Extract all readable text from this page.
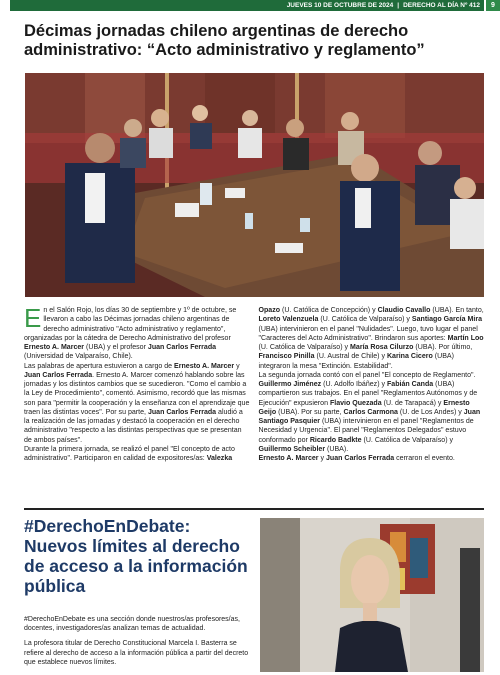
JUEVES 10 DE OCTUBRE DE 2024 | DERECHO AL DÍA Nº 412	9
Décimas jornadas chileno argentinas de derecho administrativo: “Acto administrativo y reglamento”

En el Salón Rojo, los días 30 de septiembre y 1º de octubre, se llevaron a cabo las Décimas jornadas chileno argentinas de derecho administrativo "Acto administrativo y reglamento", organizadas por la cátedra de Derecho Administrativo del profesor Ernesto A. Marcer (UBA) y el profesor Juan Carlos Ferrada (Universidad de Valparaíso, Chile).

Las palabras de apertura estuvieron a cargo de Ernesto A. Marcer y Juan Carlos Ferrada. Ernesto A. Marcer comenzó hablando sobre las jornadas y los distintos cambios que se sucedieron. "Como el cambio a la Ley de Procedimiento", comentó. Asimismo, recordó que las mismas son para "permitir la cooperación y la enseñanza con el aprendizaje que traen las distintas voces". Por su parte, Juan Carlos Ferrada aludió a la realización de las jornadas y destacó la cooperación en el derecho administrativo "respecto a las distintas perspectivas que se presentan de ambos países".

Durante la primera jornada, se realizó el panel "El concepto de acto administrativo". Participaron en calidad de expositores/as: Valezka Opazo (U. Católica de Concepción) y Claudio Cavallo (UBA). En tanto, Loreto Valenzuela (U. Católica de Valparaíso) y Santiago García Mira (UBA) intervinieron en el panel "Nulidades". Luego, tuvo lugar el panel "Caracteres del Acto Administrativo". Brindaron sus aportes: Martín Loo (U. Católica de Valparaíso) y María Rosa Cilurzo (UBA). Por último, Francisco Pinilla (U. Austral de Chile) y Karina Cicero (UBA) integraron la mesa "Extinción. Estabilidad".

La segunda jornada contó con el panel "El concepto de Reglamento". Guillermo Jiménez (U. Adolfo Ibáñez) y Fabián Canda (UBA) compartieron sus trabajos. En el panel "Reglamentos Autónomos y de Ejecución" expusieron Flavio Quezada (U. de Tarapacá) y Ernesto Geijo (UBA). Por su parte, Carlos Carmona (U. de Los Andes) y Juan Santiago Pasquier (UBA) intervinieron en el panel "Reglamentos de Necesidad y Urgencia". El panel "Reglamentos Delegados" estuvo conformado por Ricardo Badkte (U. Católica de Valparaíso) y Guillermo Scheibler (UBA).

Ernesto A. Marcer y Juan Carlos Ferrada cerraron el evento.

#DerechoEnDebate: Nuevos límites al derecho de acceso a la información pública

#DerechoEnDebate es una sección donde nuestros/as profesores/as, docentes, investigadores/as analizan temas de actualidad.

La profesora titular de Derecho Constitucional Marcela I. Basterra se refiere al derecho de acceso a la información pública a partir del decreto que establece nuevos límites.
